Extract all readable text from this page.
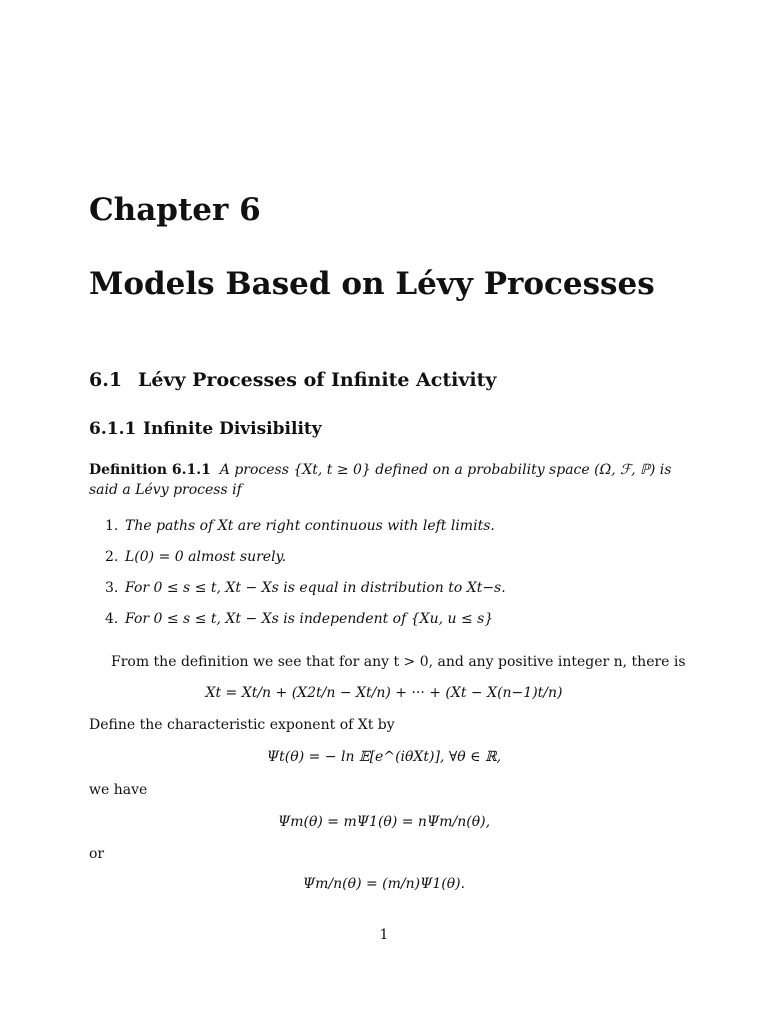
Chapter 6
Models Based on Lévy Processes
6.1 Lévy Processes of Infinite Activity
6.1.1 Infinite Divisibility
Definition 6.1.1 A process {Xt, t ≥ 0} defined on a probability space (Ω, ℱ, ℙ) is said a Lévy process if
1. The paths of Xt are right continuous with left limits.
2. L(0) = 0 almost surely.
3. For 0 ≤ s ≤ t, Xt − Xs is equal in distribution to Xt−s.
4. For 0 ≤ s ≤ t, Xt − Xs is independent of {Xu, u ≤ s}
From the definition we see that for any t > 0, and any positive integer n, there is
Xt = Xt/n + (X2t/n − Xt/n) + ··· + (Xt − X(n−1)t/n)
Define the characteristic exponent of Xt by
Ψt(θ) = − ln 𝔼[e^(iθXt)], ∀θ ∈ ℝ,
we have
Ψm(θ) = mΨ1(θ) = nΨm/n(θ),
or
Ψm/n(θ) = (m/n)Ψ1(θ).
1
